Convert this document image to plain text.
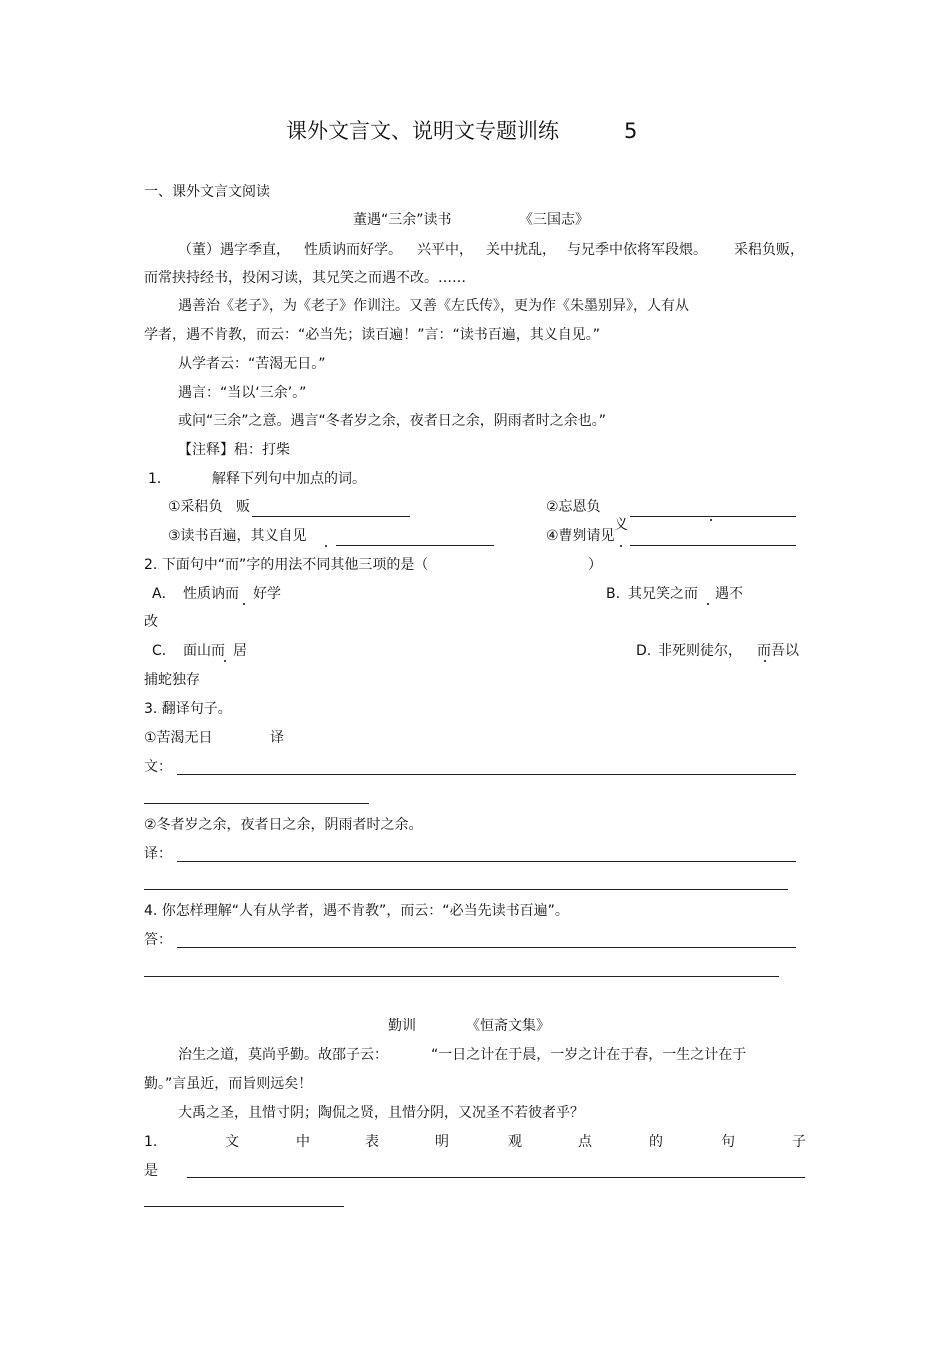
课外文言文、说明文专题训练	5
一、课外文言文阅读
董遇“三余”读书	《三国志》
（董）遇字季直， 性质讷而好学。 兴平中， 关中扰乱， 与兄季中依将军段煨。 采稆负贩，
而常挟持经书，投闲习读，其兄笑之而遇不改。……
遇善治《老子》，为《老子》作训注。又善《左氏传》，更为作《朱墨别异》，人有从
学者，遇不肯教，而云：“必当先；读百遍！”言：“读书百遍，其义自见。”
从学者云：“苦渴无日。”
遇言：“当以‘三余’。”
或问“三余”之意。遇言“冬者岁之余，夜者日之余，阴雨者时之余也。”
【注释】稆：打柴
1．	解释下列句中加点的词。
①采稆负 贩	②忘恩负
义
③读书百遍，其义自见	④曹刿请见
2. 下面句中“而”字的用法不同其他三项的是（	）
A． 性质讷而 好学	B. 其兄笑之而 遇不
改
C． 面山而 居	D. 非死则徒尔， 而吾以
捕蛇独存
3. 翻译句子。
①苦渴无日	译
文：
②冬者岁之余，夜者日之余，阴雨者时之余。
译：
4. 你怎样理解“人有从学者，遇不肯教”，而云：“必当先读书百遍”。
答：
勤训	《恒斋文集》
治生之道，莫尚乎勤。故邵子云：	“一日之计在于晨，一岁之计在于春，一生之计在于
勤。”言虽近，而旨则远矣！
大禹之圣，且惜寸阴；陶侃之贤，且惜分阴，又况圣不若彼者乎？
1.	文	中	表	明	观	点	的	句	子
是
